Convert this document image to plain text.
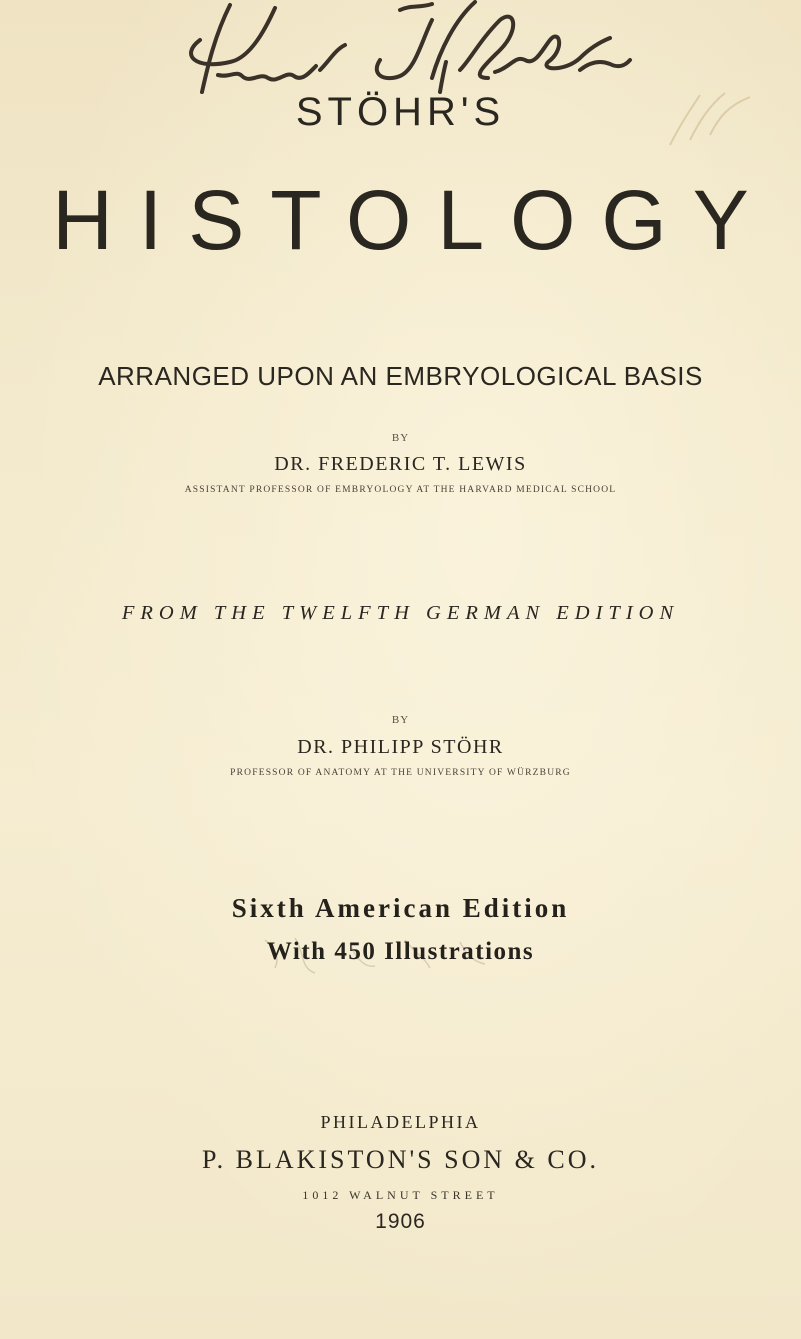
STÖHR'S

HISTOLOGY

ARRANGED UPON AN EMBRYOLOGICAL BASIS

BY

DR. FREDERIC T. LEWIS

ASSISTANT PROFESSOR OF EMBRYOLOGY AT THE HARVARD MEDICAL SCHOOL

FROM THE TWELFTH GERMAN EDITION

BY

DR. PHILIPP STÖHR

PROFESSOR OF ANATOMY AT THE UNIVERSITY OF WÜRZBURG

Sixth American Edition

With 450 Illustrations

PHILADELPHIA

P. BLAKISTON'S SON & CO.

1012 WALNUT STREET

1906
